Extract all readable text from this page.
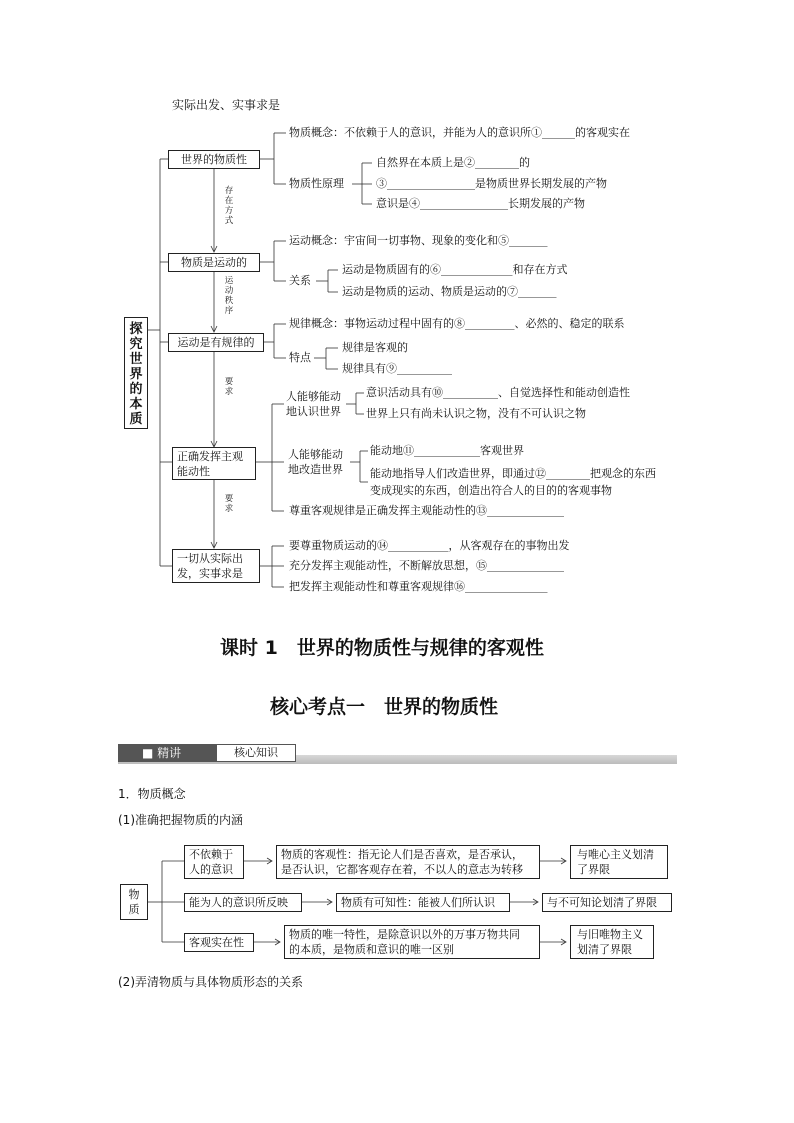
实际出发、实事求是
探究世界的本质
世界的物质性
物质是运动的
运动是有规律的
正确发挥主观能动性
一切从实际出发，实事求是
存在方式
运动秩序
要求
要求
物质概念：不依赖于人的意识，并能为人的意识所①______的客观实在
物质性原理
自然界在本质上是②________的
③________________是物质世界长期发展的产物
意识是④________________长期发展的产物
运动概念：宇宙间一切事物、现象的变化和⑤_______
关系
运动是物质固有的⑥_____________和存在方式
运动是物质的运动、物质是运动的⑦_______
规律概念：事物运动过程中固有的⑧_________、必然的、稳定的联系
特点
规律是客观的
规律具有⑨__________
人能够能动地认识世界
意识活动具有⑩__________、自觉选择性和能动创造性
世界上只有尚未认识之物，没有不可认识之物
人能够能动地改造世界
能动地⑪____________客观世界
能动地指导人们改造世界，即通过⑫________把观念的东西
变成现实的东西，创造出符合人的目的的客观事物
尊重客观规律是正确发挥主观能动性的⑬______________
要尊重物质运动的⑭___________，从客观存在的事物出发
充分发挥主观能动性，不断解放思想，⑮______________
把发挥主观能动性和尊重客观规律⑯_______________
课时 1　世界的物质性与规律的客观性
核心考点一　世界的物质性
■ 精讲	核心知识
1．物质概念
(1)准确把握物质的内涵
物质
不依赖于人的意识
物质的客观性：指无论人们是否喜欢，是否承认，
是否认识，它都客观存在着，不以人的意志为转移
与唯心主义划清了界限
能为人的意识所反映	物质有可知性：能被人们所认识	与不可知论划清了界限
客观实在性
物质的唯一特性，是除意识以外的万事万物共同
的本质，是物质和意识的唯一区别
与旧唯物主义划清了界限
(2)弄清物质与具体物质形态的关系
